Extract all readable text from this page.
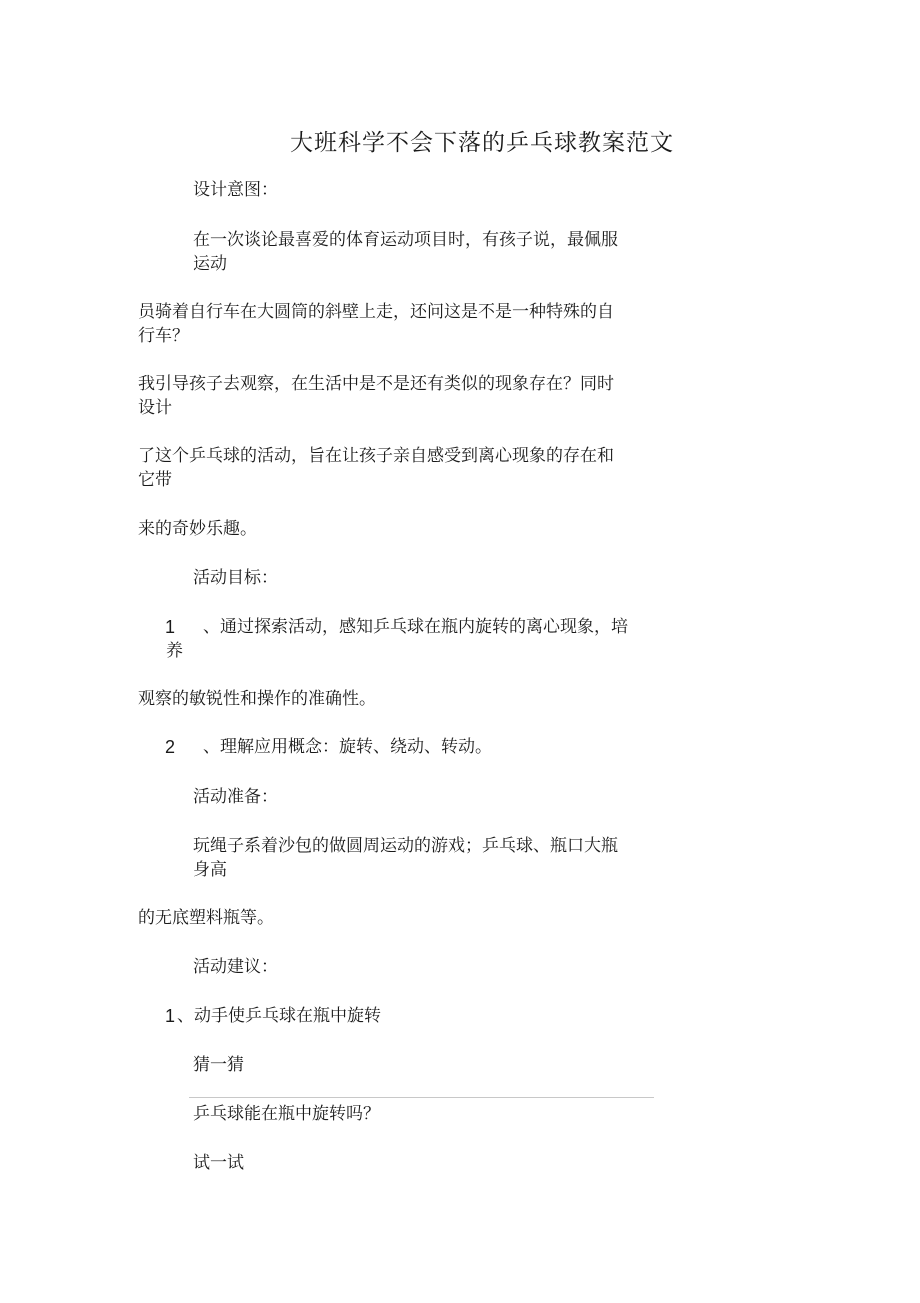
大班科学不会下落的乒乓球教案范文
设计意图：
在一次谈论最喜爱的体育运动项目时，有孩子说，最佩服
运动
员骑着自行车在大圆筒的斜壁上走，还问这是不是一种特殊的自
行车？
我引导孩子去观察，在生活中是不是还有类似的现象存在？同时
设计
了这个乒乓球的活动，旨在让孩子亲自感受到离心现象的存在和
它带
来的奇妙乐趣。
活动目标：
1 、通过探索活动，感知乒乓球在瓶内旋转的离心现象，培
养
观察的敏锐性和操作的准确性。
2 、理解应用概念：旋转、绕动、转动。
活动准备：
玩绳子系着沙包的做圆周运动的游戏；乒乓球、瓶口大瓶
身高
的无底塑料瓶等。
活动建议：
1 、动手使乒乓球在瓶中旋转
猜一猜
乒乓球能在瓶中旋转吗？
试一试
